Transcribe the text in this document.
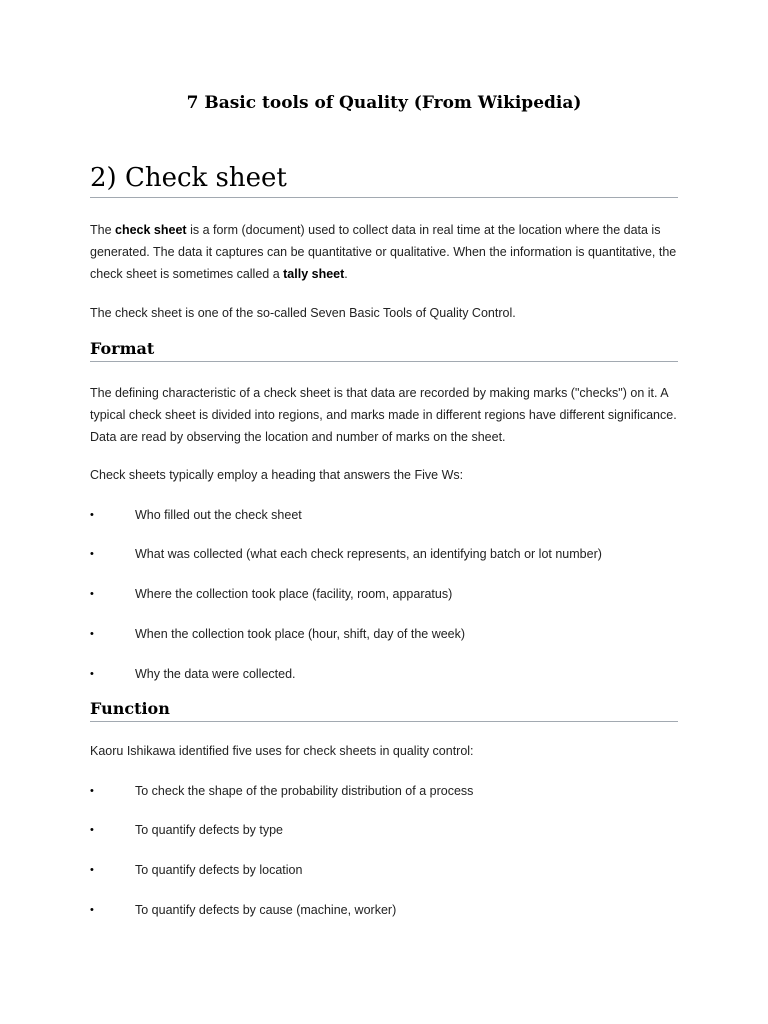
7 Basic tools of Quality (From Wikipedia)
2) Check sheet

The check sheet is a form (document) used to collect data in real time at the location where the data is generated. The data it captures can be quantitative or qualitative. When the information is quantitative, the check sheet is sometimes called a tally sheet.

The check sheet is one of the so-called Seven Basic Tools of Quality Control.

Format

The defining characteristic of a check sheet is that data are recorded by making marks ("checks") on it. A typical check sheet is divided into regions, and marks made in different regions have different significance. Data are read by observing the location and number of marks on the sheet.

Check sheets typically employ a heading that answers the Five Ws:

•	Who filled out the check sheet
•	What was collected (what each check represents, an identifying batch or lot number)
•	Where the collection took place (facility, room, apparatus)
•	When the collection took place (hour, shift, day of the week)
•	Why the data were collected.
Function

Kaoru Ishikawa identified five uses for check sheets in quality control:

•	To check the shape of the probability distribution of a process
•	To quantify defects by type
•	To quantify defects by location
•	To quantify defects by cause (machine, worker)
